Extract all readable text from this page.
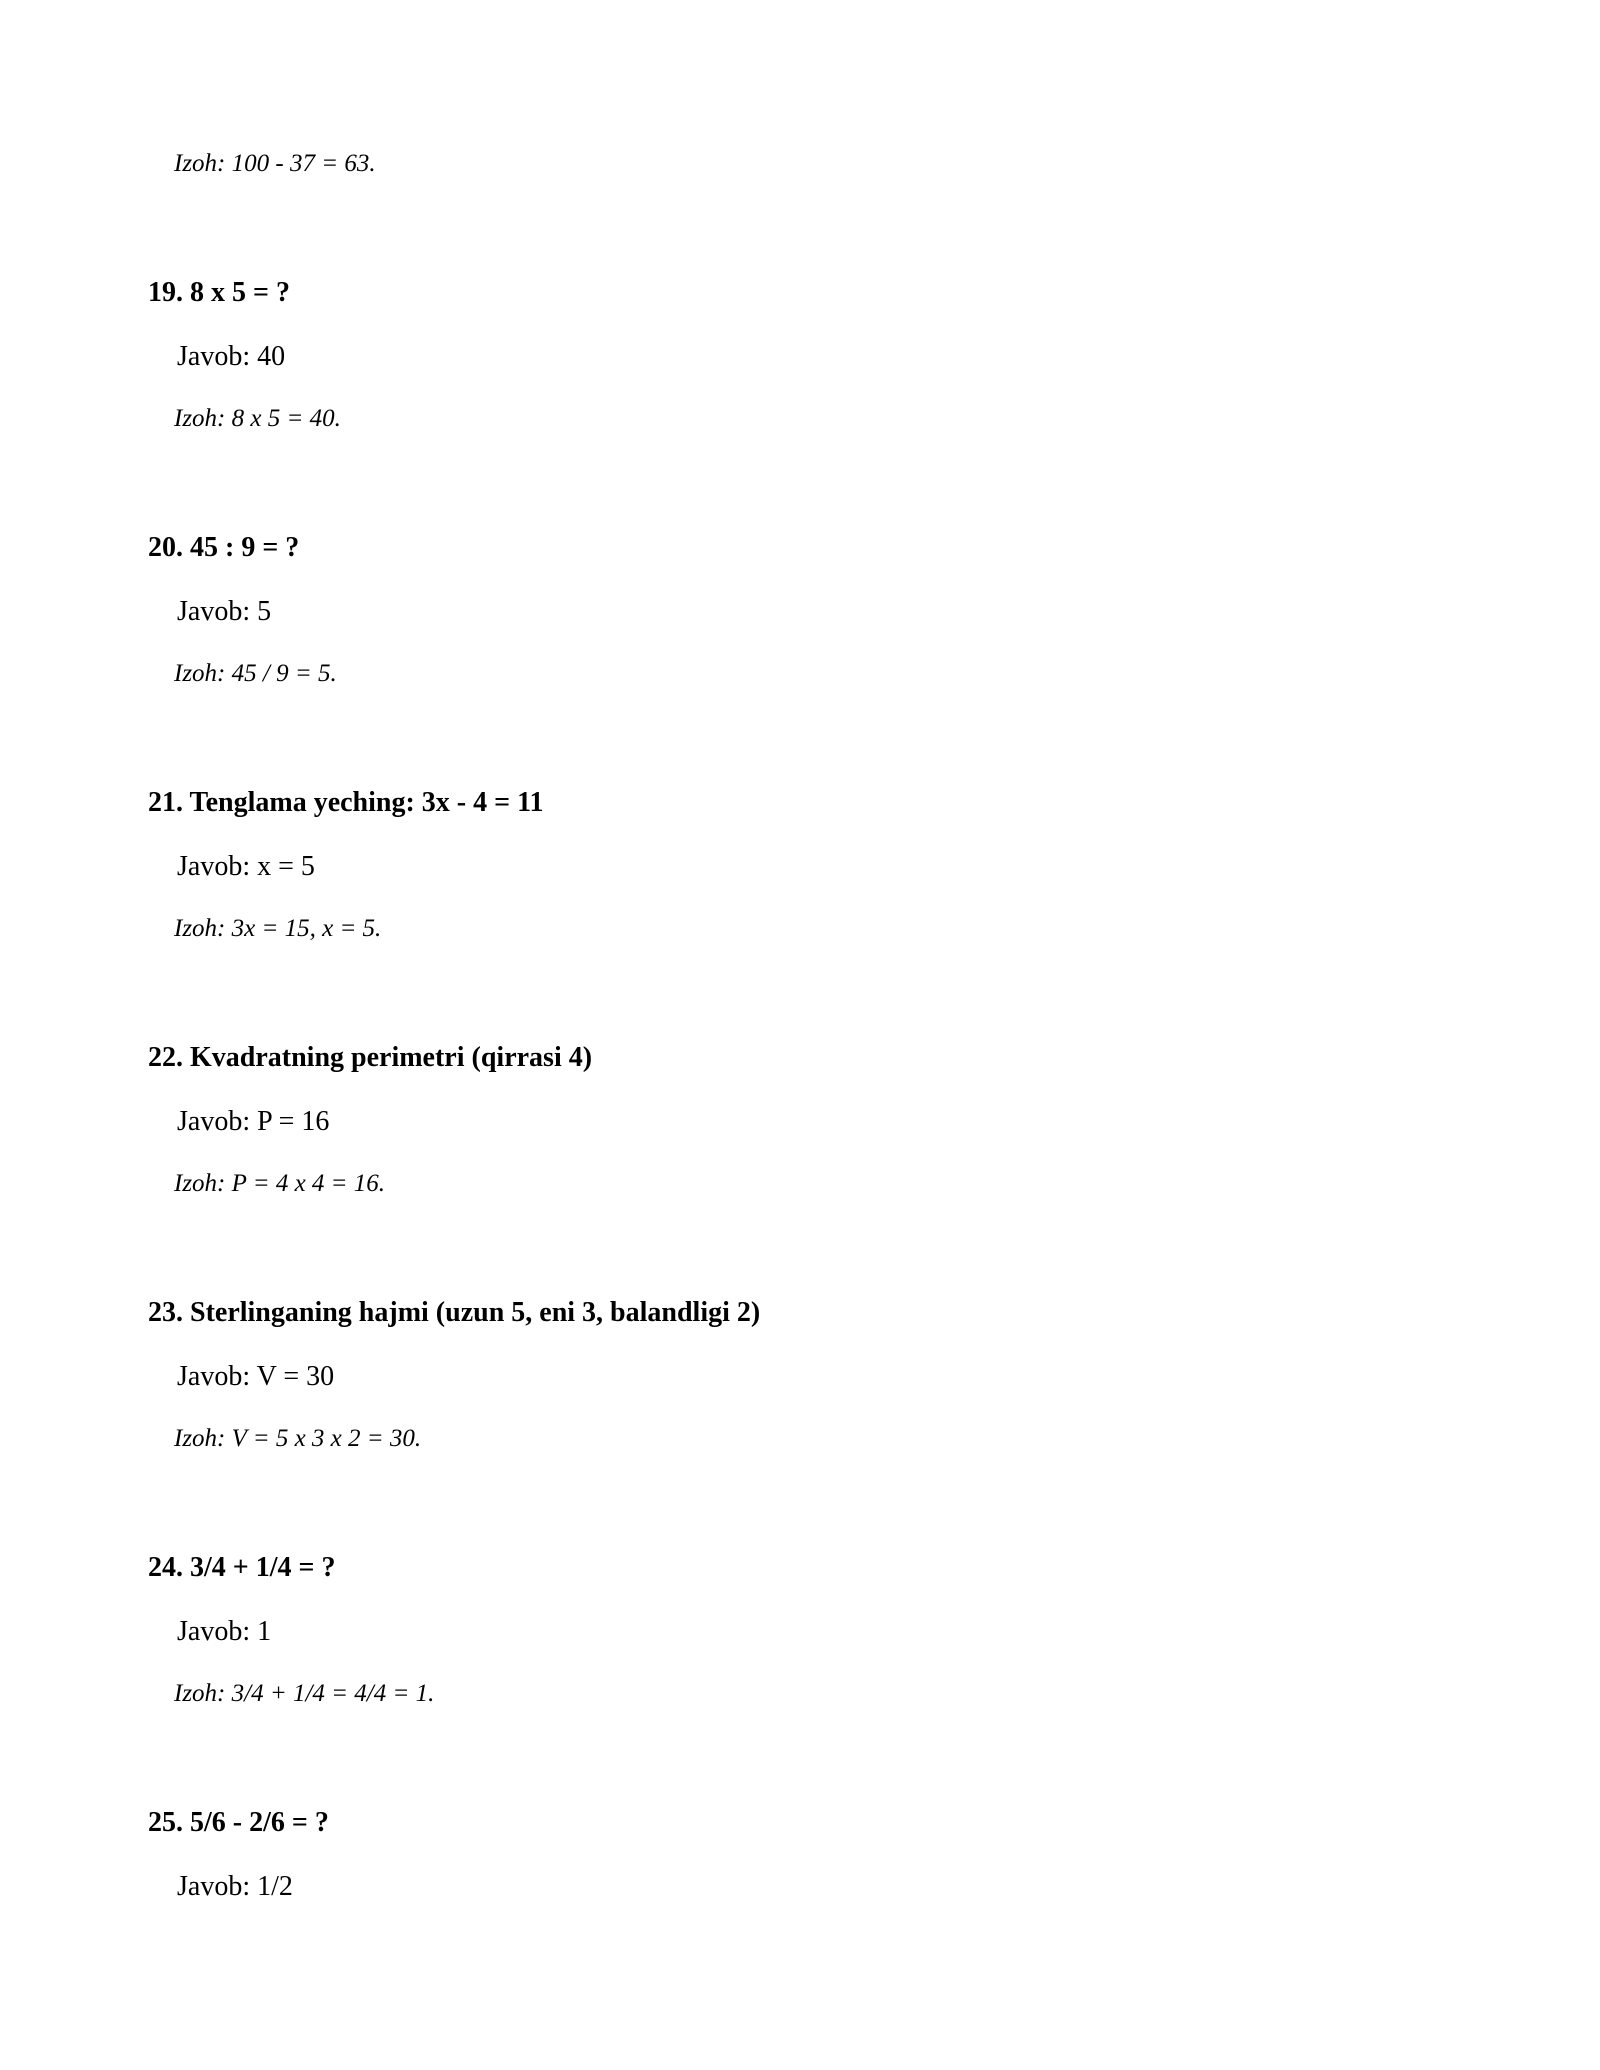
Izoh: 100 - 37 = 63.
19. 8 x 5 = ?
Javob: 40
Izoh: 8 x 5 = 40.
20. 45 : 9 = ?
Javob: 5
Izoh: 45 / 9 = 5.
21. Tenglama yeching: 3x - 4 = 11
Javob: x = 5
Izoh: 3x = 15, x = 5.
22. Kvadratning perimetri (qirrasi 4)
Javob: P = 16
Izoh: P = 4 x 4 = 16.
23. Sterlinganing hajmi (uzun 5, eni 3, balandligi 2)
Javob: V = 30
Izoh: V = 5 x 3 x 2 = 30.
24. 3/4 + 1/4 = ?
Javob: 1
Izoh: 3/4 + 1/4 = 4/4 = 1.
25. 5/6 - 2/6 = ?
Javob: 1/2
